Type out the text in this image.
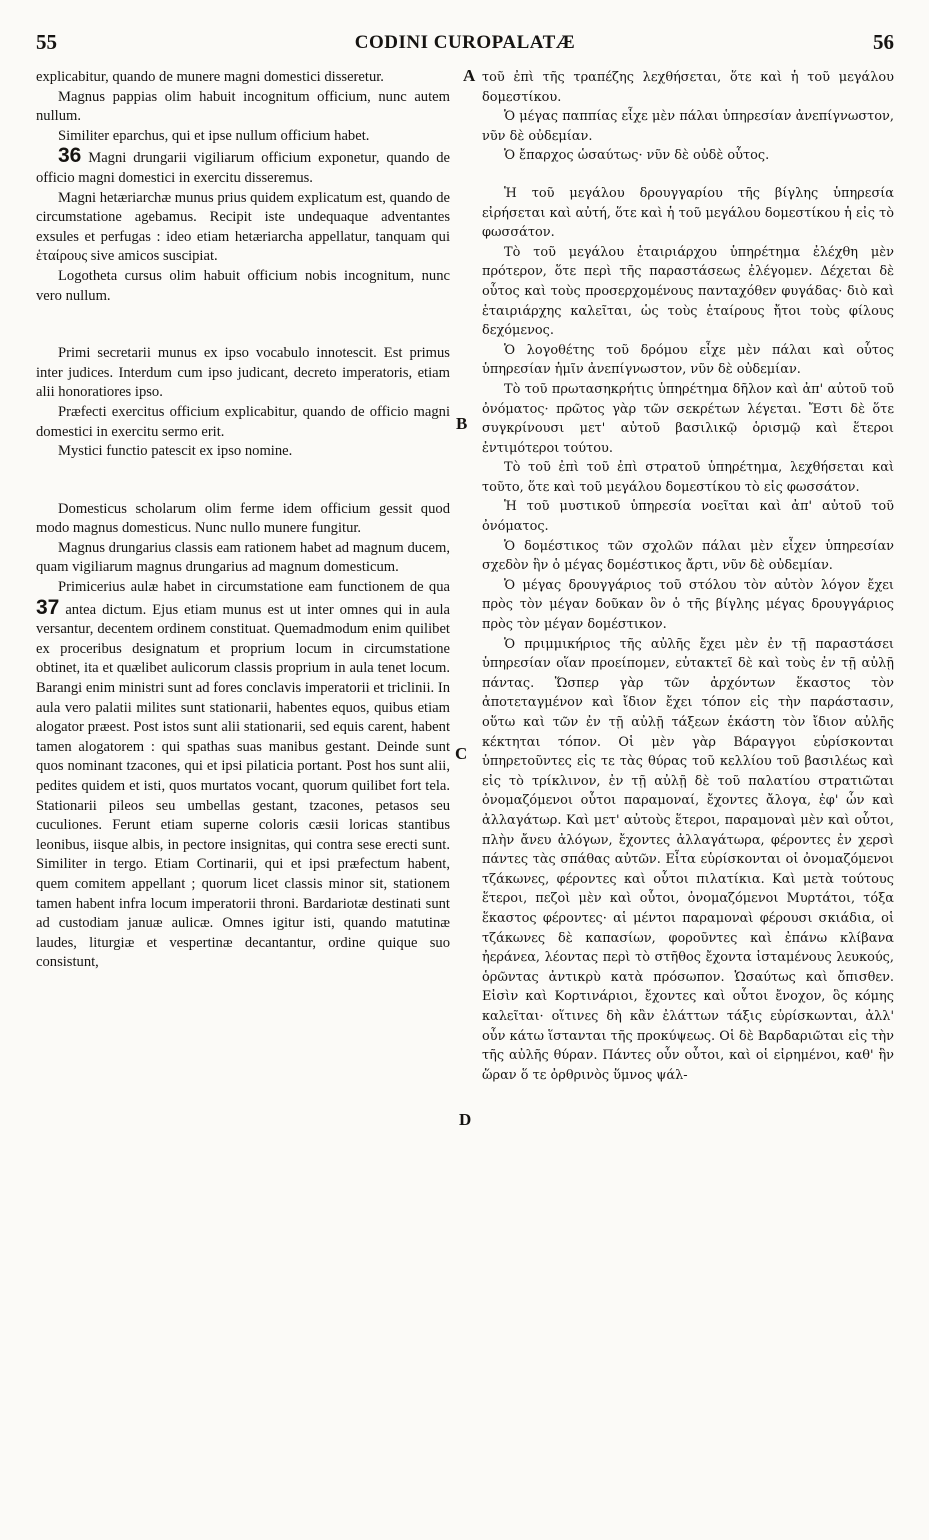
55	CODINI CUROPALATÆ	56
A
B
C
D

explicabitur, quando de munere magni domestici disseretur.

Magnus pappias olim habuit incognitum officium, nunc autem nullum.

Similiter eparchus, qui et ipse nullum officium habet.

36 Magni drungarii vigiliarum officium exponetur, quando de officio magni domestici in exercitu disseremus.

Magni hetæriarchæ munus prius quidem explicatum est, quando de circumstatione agebamus. Recipit iste undequaque adventantes exsules et perfugas : ideo etiam hetæriarcha appellatur, tanquam qui ἑταίρους sive amicos suscipiat.

Logotheta cursus olim habuit officium nobis incognitum, nunc vero nullum.

Primi secretarii munus ex ipso vocabulo innotescit. Est primus inter judices. Interdum cum ipso judicant, decreto imperatoris, etiam alii honoratiores ipso.

Præfecti exercitus officium explicabitur, quando de officio magni domestici in exercitu sermo erit.

Mystici functio patescit ex ipso nomine.

Domesticus scholarum olim ferme idem officium gessit quod modo magnus domesticus. Nunc nullo munere fungitur.

Magnus drungarius classis eam rationem habet ad magnum ducem, quam vigiliarum magnus drungarius ad magnum domesticum.

Primicerius aulæ habet in circumstatione eam functionem de qua 37 antea dictum. Ejus etiam munus est ut inter omnes qui in aula versantur, decentem ordinem constituat. Quemadmodum enim quilibet ex proceribus designatum et proprium locum in circumstatione obtinet, ita et quælibet aulicorum classis proprium in aula tenet locum. Barangi enim ministri sunt ad fores conclavis imperatorii et triclinii. In aula vero palatii milites sunt stationarii, habentes equos, quibus etiam alogator præest. Post istos sunt alii stationarii, sed equis carent, habent tamen alogatorem : qui spathas suas manibus gestant. Deinde sunt quos nominant tzacones, qui et ipsi pilaticia portant. Post hos sunt alii, pedites quidem et isti, quos murtatos vocant, quorum quilibet fort tela. Stationarii pileos seu umbellas gestant, tzacones, petasos seu cuculiones. Ferunt etiam superne coloris cæsii loricas stantibus leonibus, iisque albis, in pectore insignitas, qui contra sese erecti sunt. Similiter in tergo. Etiam Cortinarii, qui et ipsi præfectum habent, quem comitem appellant ; quorum licet classis minor sit, stationem tamen habent infra locum imperatorii throni. Bardariotæ destinati sunt ad custodiam januæ aulicæ. Omnes igitur isti, quando matutinæ laudes, liturgiæ et vespertinæ decantantur, ordine quique suo consistunt,

τοῦ ἐπὶ τῆς τραπέζης λεχθήσεται, ὅτε καὶ ἡ τοῦ μεγάλου δομεστίκου.

Ὁ μέγας παππίας εἶχε μὲν πάλαι ὑπηρεσίαν ἀνεπίγνωστον, νῦν δὲ οὐδεμίαν.

Ὁ ἔπαρχος ὡσαύτως· νῦν δὲ οὐδὲ οὗτος.

Ἡ τοῦ μεγάλου δρουγγαρίου τῆς βίγλης ὑπηρεσία εἰρήσεται καὶ αὐτή, ὅτε καὶ ἡ τοῦ μεγάλου δομεστίκου ἡ εἰς τὸ φωσσάτον.

Τὸ τοῦ μεγάλου ἑταιριάρχου ὑπηρέτημα ἐλέχθη μὲν πρότερον, ὅτε περὶ τῆς παραστάσεως ἐλέγομεν. Δέχεται δὲ οὗτος καὶ τοὺς προσερχομένους πανταχόθεν φυγάδας· διὸ καὶ ἑταιριάρχης καλεῖται, ὡς τοὺς ἑταίρους ἤτοι τοὺς φίλους δεχόμενος.

Ὁ λογοθέτης τοῦ δρόμου εἶχε μὲν πάλαι καὶ οὗτος ὑπηρεσίαν ἡμῖν ἀνεπίγνωστον, νῦν δὲ οὐδεμίαν.

Τὸ τοῦ πρωτασηκρήτις ὑπηρέτημα δῆλον καὶ ἀπ' αὐτοῦ τοῦ ὀνόματος· πρῶτος γὰρ τῶν σεκρέτων λέγεται. Ἔστι δὲ ὅτε συγκρίνουσι μετ' αὐτοῦ βασιλικῷ ὁρισμῷ καὶ ἕτεροι ἐντιμότεροι τούτου.

Τὸ τοῦ ἐπὶ τοῦ ἐπὶ στρατοῦ ὑπηρέτημα, λεχθήσεται καὶ τοῦτο, ὅτε καὶ τοῦ μεγάλου δομεστίκου τὸ εἰς φωσσάτον.

Ἡ τοῦ μυστικοῦ ὑπηρεσία νοεῖται καὶ ἀπ' αὐτοῦ τοῦ ὀνόματος.

Ὁ δομέστικος τῶν σχολῶν πάλαι μὲν εἶχεν ὑπηρεσίαν σχεδὸν ἣν ὁ μέγας δομέστικος ἄρτι, νῦν δὲ οὐδεμίαν.

Ὁ μέγας δρουγγάριος τοῦ στόλου τὸν αὐτὸν λόγον ἔχει πρὸς τὸν μέγαν δοῦκαν ὃν ὁ τῆς βίγλης μέγας δρουγγάριος πρὸς τὸν μέγαν δομέστικον.

Ὁ πριμμικήριος τῆς αὐλῆς ἔχει μὲν ἐν τῇ παραστάσει ὑπηρεσίαν οἵαν προείπομεν, εὐτακτεῖ δὲ καὶ τοὺς ἐν τῇ αὐλῇ πάντας. Ὥσπερ γὰρ τῶν ἀρχόντων ἕκαστος τὸν ἀποτεταγμένον καὶ ἴδιον ἔχει τόπον εἰς τὴν παράστασιν, οὕτω καὶ τῶν ἐν τῇ αὐλῇ τάξεων ἑκάστη τὸν ἴδιον αὐλῆς κέκτηται τόπον. Οἱ μὲν γὰρ Βάραγγοι εὑρίσκονται ὑπηρετοῦντες εἰς τε τὰς θύρας τοῦ κελλίου τοῦ βασιλέως καὶ εἰς τὸ τρίκλινον, ἐν τῇ αὐλῇ δὲ τοῦ παλατίου στρατιῶται ὀνομαζόμενοι οὗτοι παραμοναί, ἔχοντες ἄλογα, ἐφ' ὧν καὶ ἀλλαγάτωρ. Καὶ μετ' αὐτοὺς ἕτεροι, παραμοναὶ μὲν καὶ οὗτοι, πλὴν ἄνευ ἀλόγων, ἔχοντες ἀλλαγάτωρα, φέροντες ἐν χερσὶ πάντες τὰς σπάθας αὐτῶν. Εἶτα εὑρίσκονται οἱ ὀνομαζόμενοι τζάκωνες, φέροντες καὶ οὗτοι πιλατίκια. Καὶ μετὰ τούτους ἕτεροι, πεζοὶ μὲν καὶ οὗτοι, ὀνομαζόμενοι Μυρτάτοι, τόξα ἕκαστος φέροντες· αἱ μέντοι παραμοναὶ φέρουσι σκιάδια, οἱ τζάκωνες δὲ καπασίων, φοροῦντες καὶ ἐπάνω κλίβανα ἠεράνεα, λέοντας περὶ τὸ στῆθος ἔχοντα ἱσταμένους λευκούς, ὁρῶντας ἀντικρὺ κατὰ πρόσωπον. Ὡσαύτως καὶ ὄπισθεν. Εἰσὶν καὶ Κορτινάριοι, ἔχοντες καὶ οὗτοι ἔνοχον, ὃς κόμης καλεῖται· οἵτινες δὴ κἂν ἐλάττων τάξις εὑρίσκωνται, ἀλλ' οὖν κάτω ἵστανται τῆς προκύψεως. Οἱ δὲ Βαρδαριῶται εἰς τὴν τῆς αὐλῆς θύραν. Πάντες οὖν οὗτοι, καὶ οἱ εἰρημένοι, καθ' ἣν ὥραν ὅ τε ὀρθρινὸς ὕμνος ψάλ-
